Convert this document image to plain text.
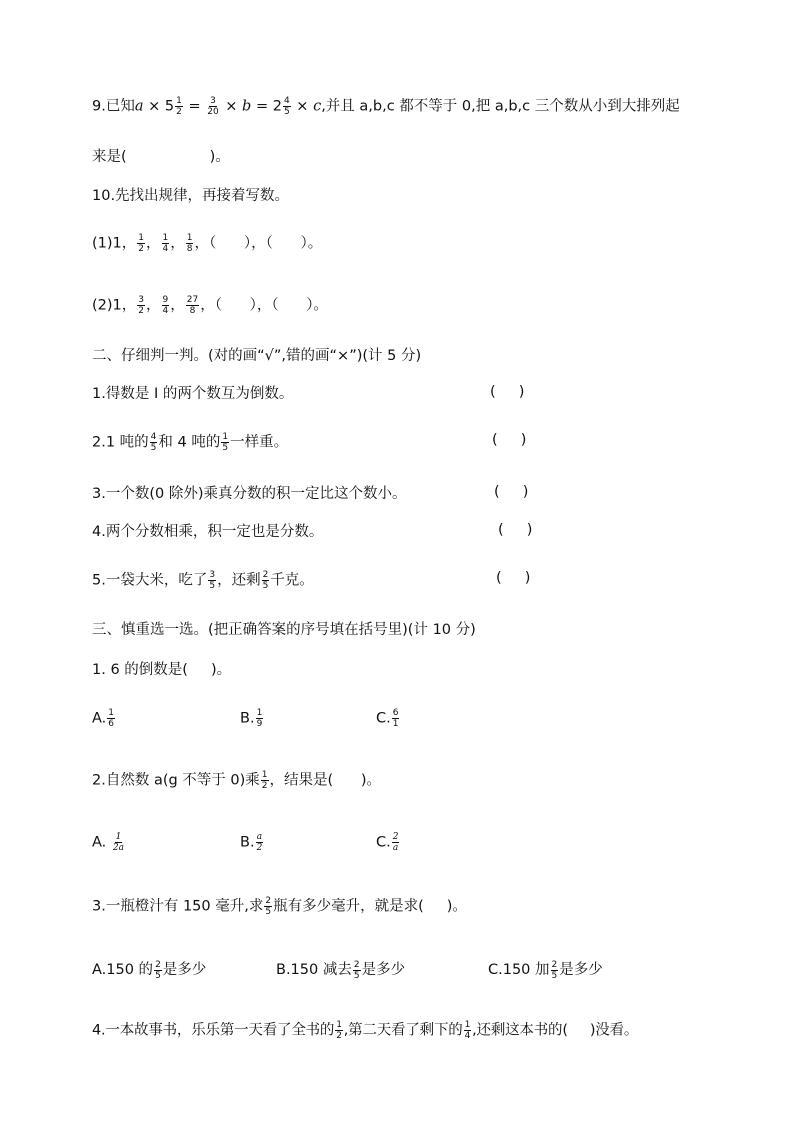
9.已知$a \times 5 \frac{1}{2} = \frac{3}{20} \times b = 2 \frac{4}{5} \times c$,并且 a,b,c 都不等于 0,把 a,b,c 三个数从小到大排列起
来是(                  )。
10.先找出规律，再接着写数。
(1)1， $\frac{1}{2}$ ， $\frac{1}{4}$ ， $\frac{1}{8}$ ，（      ），（      ）。
(2)1， $\frac{3}{2}$ ， $\frac{9}{4}$ ， $\frac{27}{8}$ ，（      ），（      ）。
二、仔细判一判。(对的画“√”,错的画“×”)(计 5 分)
1.得数是 I 的两个数互为倒数。	(     )
2.1 吨的 $\frac{4}{5}$ 和 4 吨的 $\frac{1}{5}$ 一样重。	(     )
3.一个数(0 除外)乘真分数的积一定比这个数小。	(     )
4.两个分数相乘，积一定也是分数。	(     )
5.一袋大米，吃了 $\frac{3}{5}$ ，还剩 $\frac{2}{5}$ 千克。	(     )
三、慎重选一选。(把正确答案的序号填在括号里)(计 10 分)
1. 6 的倒数是(     )。
A. $\frac{1}{6}$	B. $\frac{1}{9}$	C. $\frac{6}{1}$
2.自然数 a(g 不等于 0)乘 $\frac{1}{2}$ ，结果是(      )。
A. $\frac{1}{2a}$	B. $\frac{a}{2}$	C. $\frac{2}{a}$
3.一瓶橙汁有 150 毫升,求 $\frac{2}{5}$ 瓶有多少毫升，就是求(     )。
A.150 的 $\frac{2}{5}$ 是多少	B.150 减去 $\frac{2}{5}$ 是多少	C.150 加 $\frac{2}{5}$ 是多少
4.一本故事书，乐乐第一天看了全书的 $\frac{1}{2}$ ,第二天看了剩下的 $\frac{1}{4}$ ,还剩这本书的(     )没看。
